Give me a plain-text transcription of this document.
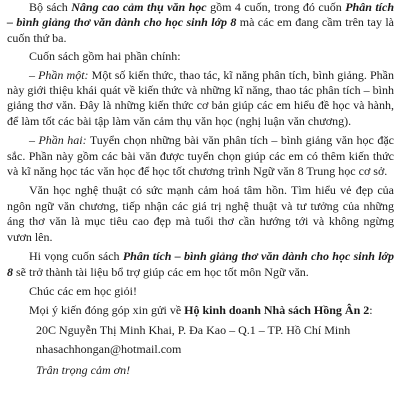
Bộ sách Nâng cao cảm thụ văn học gồm 4 cuốn, trong đó cuốn Phân tích – bình giảng thơ văn dành cho học sinh lớp 8 mà các em đang cầm trên tay là cuốn thứ ba.

Cuốn sách gồm hai phần chính:

– Phần một: Một số kiến thức, thao tác, kĩ năng phân tích, bình giảng. Phần này giới thiệu khái quát về kiến thức và những kĩ năng, thao tác phân tích – bình giảng thơ văn. Đây là những kiến thức cơ bản giúp các em hiểu đề học và hành, để làm tốt các bài tập làm văn cảm thụ văn học (nghị luận văn chương).

– Phần hai: Tuyển chọn những bài văn phân tích – bình giảng văn học đặc sắc. Phần này gồm các bài văn được tuyển chọn giúp các em có thêm kiến thức và kĩ năng học tác văn học để học tốt chương trình Ngữ văn 8 Trung học cơ sở.

Văn học nghệ thuật có sức mạnh cảm hoá tâm hồn. Tìm hiểu vẻ đẹp của ngôn ngữ văn chương, tiếp nhận các giá trị nghệ thuật và tư tưởng của những áng thơ văn là mục tiêu cao đẹp mà tuổi thơ cần hướng tới và không ngừng vươn lên.

Hi vọng cuốn sách Phân tích – bình giảng thơ văn dành cho học sinh lớp 8 sẽ trở thành tài liệu bổ trợ giúp các em học tốt môn Ngữ văn.

Chúc các em học giỏi!

Mọi ý kiến đóng góp xin gửi về Hộ kinh doanh Nhà sách Hồng Ân 2:

20C Nguyễn Thị Minh Khai, P. Đa Kao – Q.1 – TP. Hồ Chí Minh
nhasachhongan@hotmail.com
Trân trọng cảm ơn!
